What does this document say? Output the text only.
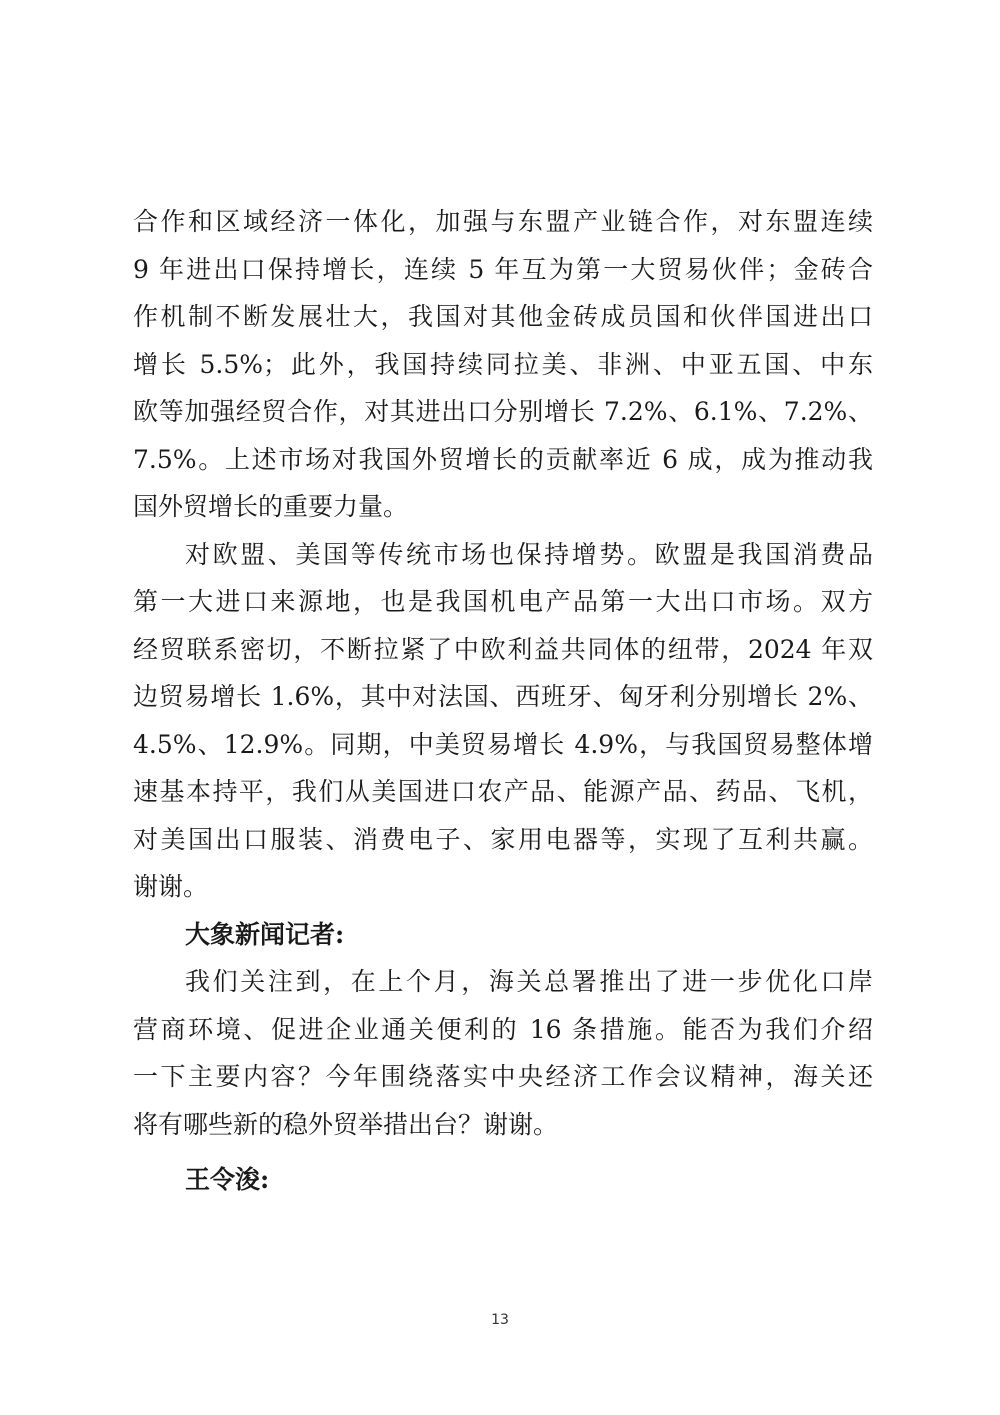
合作和区域经济一体化，加强与东盟产业链合作，对东盟连续
9 年进出口保持增长，连续 5 年互为第一大贸易伙伴；金砖合
作机制不断发展壮大，我国对其他金砖成员国和伙伴国进出口
增长 5.5%；此外，我国持续同拉美、非洲、中亚五国、中东
欧等加强经贸合作，对其进出口分别增长 7.2%、6.1%、7.2%、
7.5%。上述市场对我国外贸增长的贡献率近 6 成，成为推动我
国外贸增长的重要力量。
对欧盟、美国等传统市场也保持增势。欧盟是我国消费品
第一大进口来源地，也是我国机电产品第一大出口市场。双方
经贸联系密切，不断拉紧了中欧利益共同体的纽带，2024 年双
边贸易增长 1.6%，其中对法国、西班牙、匈牙利分别增长 2%、
4.5%、12.9%。同期，中美贸易增长 4.9%，与我国贸易整体增
速基本持平，我们从美国进口农产品、能源产品、药品、飞机，
对美国出口服装、消费电子、家用电器等，实现了互利共赢。
谢谢。
大象新闻记者:
我们关注到，在上个月，海关总署推出了进一步优化口岸
营商环境、促进企业通关便利的 16 条措施。能否为我们介绍
一下主要内容？今年围绕落实中央经济工作会议精神，海关还
将有哪些新的稳外贸举措出台？谢谢。
王令浚:
13
